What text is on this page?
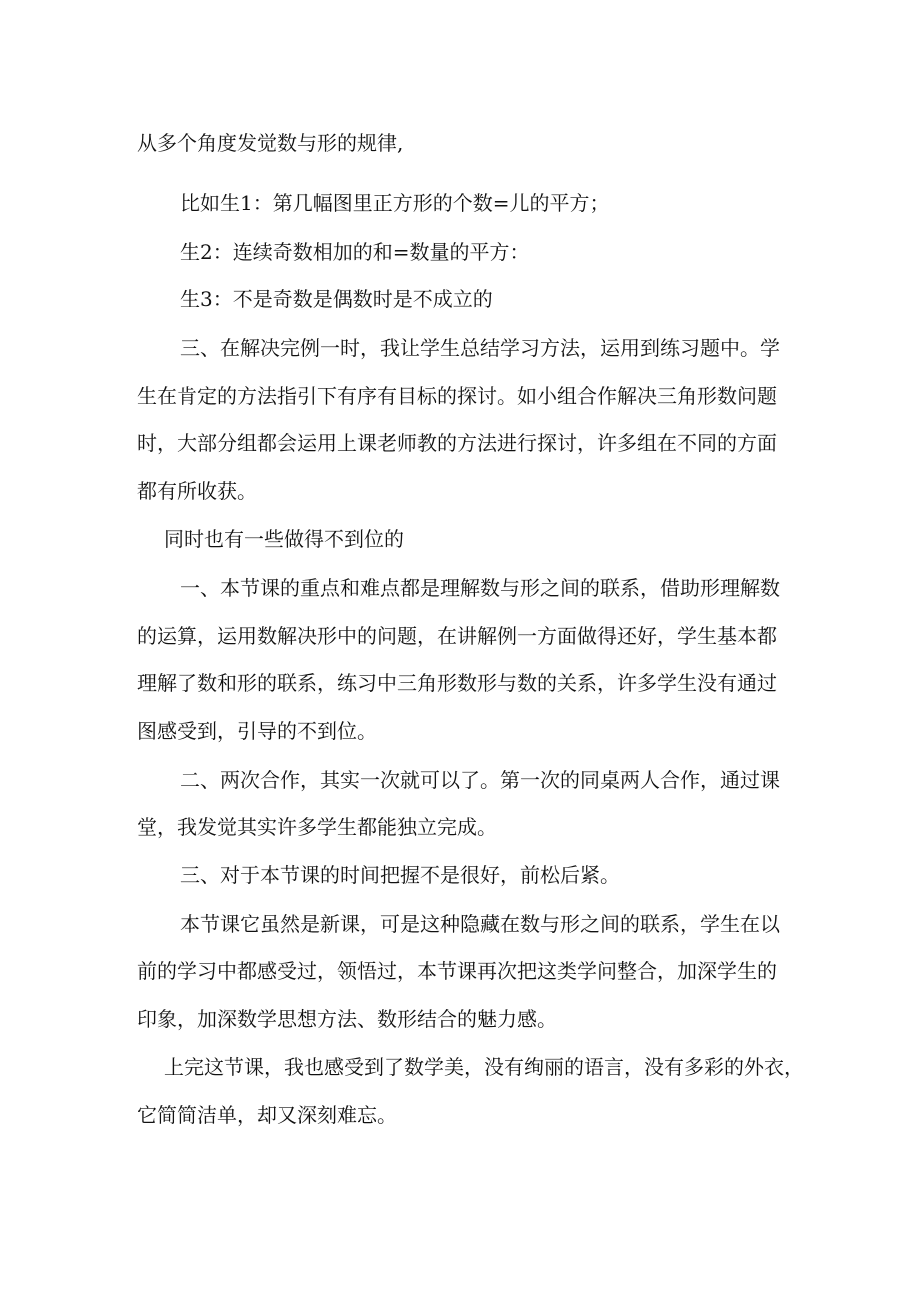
从多个角度发觉数与形的规律,
比如生1：第几幅图里正方形的个数=儿的平方；
生2：连续奇数相加的和=数量的平方：
生3：不是奇数是偶数时是不成立的
三、在解决完例一时，我让学生总结学习方法，运用到练习题中。学
生在肯定的方法指引下有序有目标的探讨。如小组合作解决三角形数问题
时，大部分组都会运用上课老师教的方法进行探讨，许多组在不同的方面
都有所收获。
同时也有一些做得不到位的
一、本节课的重点和难点都是理解数与形之间的联系，借助形理解数
的运算，运用数解决形中的问题，在讲解例一方面做得还好，学生基本都
理解了数和形的联系，练习中三角形数形与数的关系，许多学生没有通过
图感受到，引导的不到位。
二、两次合作，其实一次就可以了。第一次的同桌两人合作，通过课
堂，我发觉其实许多学生都能独立完成。
三、对于本节课的时间把握不是很好，前松后紧。
本节课它虽然是新课，可是这种隐藏在数与形之间的联系，学生在以
前的学习中都感受过，领悟过，本节课再次把这类学问整合，加深学生的
印象，加深数学思想方法、数形结合的魅力感。
上完这节课，我也感受到了数学美，没有绚丽的语言，没有多彩的外衣，
它简简洁单，却又深刻难忘。
